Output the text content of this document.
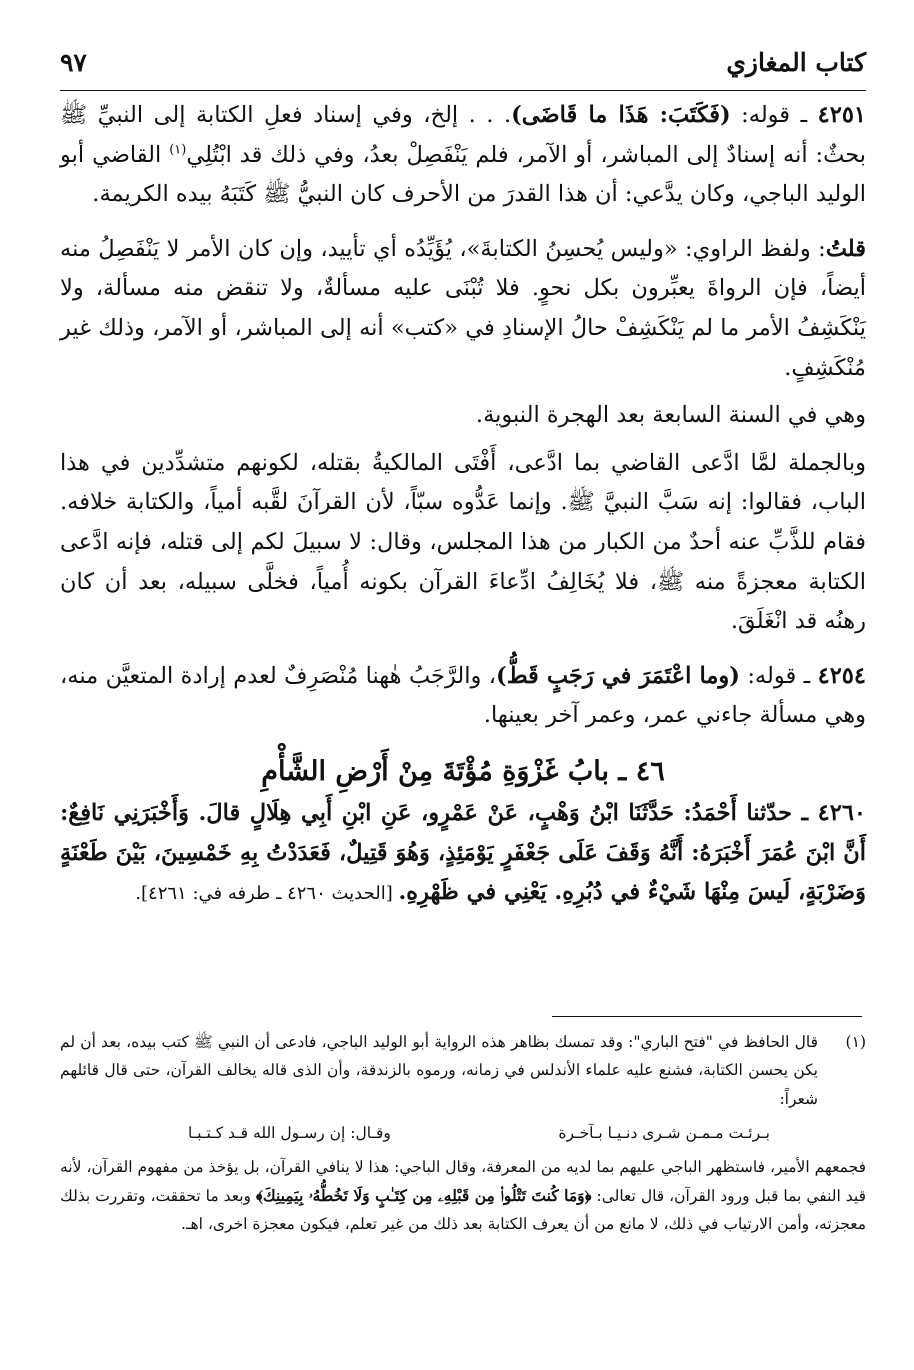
كتاب المغازي
٩٧

٤٢٥١ ـ قوله: (فَكَتَبَ: هَذَا ما قَاضَى). . . إلخ، وفي إسناد فعلِ الكتابة إلى النبيِّ ﷺ بحثٌ: أنه إسنادٌ إلى المباشر، أو الآمر، فلم يَنْفَصِلْ بعدُ، وفي ذلك قد ابْتُلِي$^{(١)}$ القاضي أبو الوليد الباجي، وكان يدَّعي: أن هذا القدرَ من الأحرف كان النبيُّ ﷺ كَتَبَهُ بيده الكريمة.

قلتُ: ولفظ الراوي: «وليس يُحسِنُ الكتابةَ»، يُؤَيِّدُه أي تأييد، وإن كان الأمر لا يَنْفَصِلُ منه أيضاً، فإن الرواةَ يعبِّرون بكل نحوٍ. فلا تُبْنَى عليه مسألةٌ، ولا تنقض منه مسألة، ولا يَنْكَشِفُ الأمر ما لم يَنْكَشِفْ حالُ الإسنادِ في «كتب» أنه إلى المباشر، أو الآمر، وذلك غير مُنْكَشِفٍ.

وهي في السنة السابعة بعد الهجرة النبوية.

وبالجملة لمَّا ادَّعى القاضي بما ادَّعى، أَفْتَى المالكيةُ بقتله، لكونهم متشدِّدين في هذا الباب، فقالوا: إنه سَبَّ النبيَّ ﷺ. وإنما عَدُّوه سبّاً، لأن القرآنَ لقَّبه أمياً، والكتابة خلافه. فقام للذَّبِّ عنه أحدٌ من الكبار من هذا المجلس، وقال: لا سبيلَ لكم إلى قتله، فإنه ادَّعى الكتابة معجزةً منه ﷺ، فلا يُخَالِفُ ادِّعاءَ القرآن بكونه أُمياً، فخلَّى سبيله، بعد أن كان رهنُه قد انْغَلَقَ.

٤٢٥٤ ـ قوله: (وما اعْتَمَرَ في رَجَبٍ قَطُّ)، والرَّجَبُ هٰهنا مُنْصَرِفٌ لعدم إرادة المتعيَّن منه، وهي مسألة جاءني عمر، وعمر آخر بعينها.

٤٦ ـ بابُ غَزْوَةِ مُؤْتَةَ مِنْ أَرْضِ الشَّأْمِ

٤٢٦٠ ـ حدّثنا أَحْمَدُ: حَدَّثَنَا ابْنُ وَهْبٍ، عَنْ عَمْرٍو، عَنِ ابْنِ أَبِي هِلَالٍ قالَ. وَأَخْبَرَنِي نَافِعٌ: أَنَّ ابْنَ عُمَرَ أَخْبَرَهُ: أَنَّهُ وَقَفَ عَلَى جَعْفَرٍ يَوْمَئِذٍ، وَهُوَ قَتِيلٌ، فَعَدَدْتُ بِهِ خَمْسِينَ، بَيْنَ طَعْنَةٍ وَضَرْبَةٍ، لَيسَ مِنْهَا شَيْءٌ في دُبُرِهِ. يَعْنِي في ظَهْرِهِ. [الحديث ٤٢٦٠ ـ طرفه في: ٤٢٦١].

(١)
قال الحافظ في "فتح الباري": وقد تمسك بظاهر هذه الرواية أبو الوليد الباجي، فادعى أن النبي ﷺ كتب بيده، بعد أن لم يكن يحسن الكتابة، فشنع عليه علماء الأندلس في زمانه، ورموه بالزندقة، وأن الذى قاله يخالف القرآن، حتى قال قائلهم شعراً:

بـرئـت مـمـن شـرى دنـيـا بـآخـرة
وقـال: إن رسـول الله قـد كـتـبـا

فجمعهم الأمير، فاستظهر الباجي عليهم بما لديه من المعرفة، وقال الباجي: هذا لا ينافي القرآن، بل يؤخذ من مفهوم القرآن، لأنه قيد النفي بما قبل ورود القرآن، قال تعالى: ﴿وَمَا كُنتَ تَتْلُوا۟ مِن قَبْلِهِۦ مِن كِتَـٰبٍ وَلَا تَخُطُّهُۥ بِيَمِينِكَ﴾ وبعد ما تحققت، وتقررت بذلك معجزته، وأمن الارتياب في ذلك، لا مانع من أن يعرف الكتابة بعد ذلك من غير تعلم، فيكون معجزة اخرى، اهـ.
